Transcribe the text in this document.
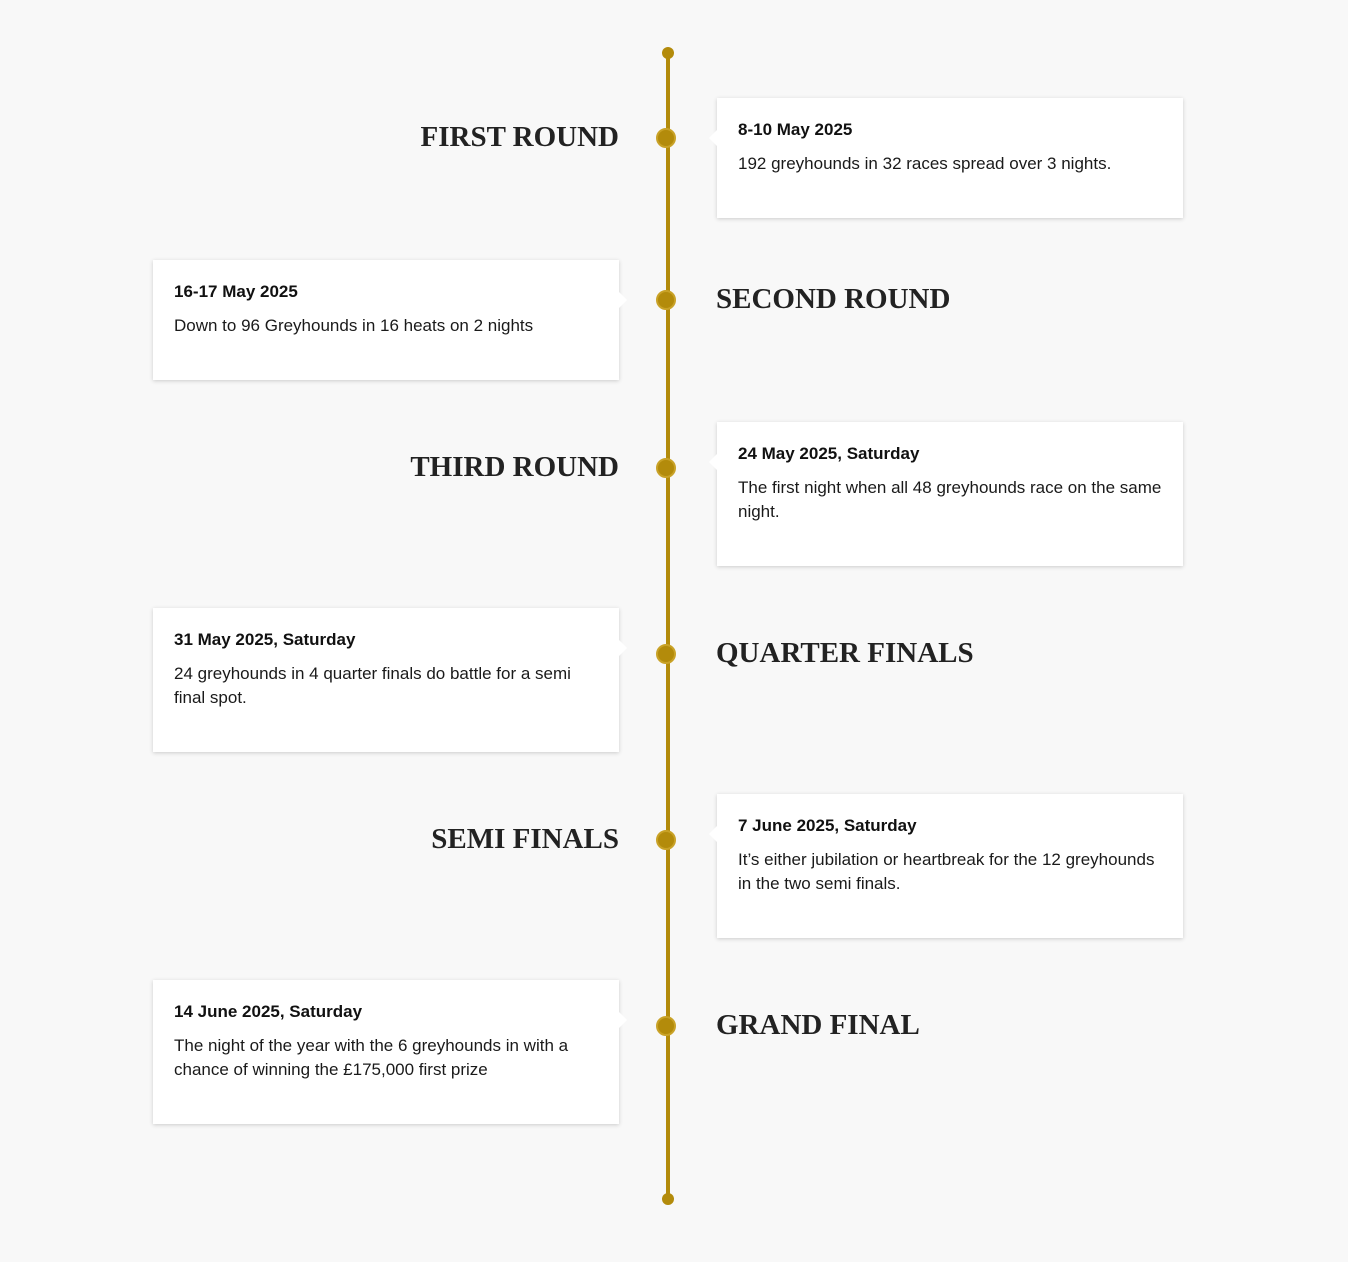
FIRST ROUND	8-10 May 2025

192 greyhounds in 32 races spread over 3 nights.

16-17 May 2025

Down to 96 Greyhounds in 16 heats on 2 nights

SECOND ROUND
THIRD ROUND	24 May 2025, Saturday

The first night when all 48 greyhounds race on the same night.

31 May 2025, Saturday

24 greyhounds in 4 quarter finals do battle for a semi final spot.

QUARTER FINALS
SEMI FINALS	7 June 2025, Saturday

It’s either jubilation or heartbreak for the 12 greyhounds in the two semi finals.

14 June 2025, Saturday

The night of the year with the 6 greyhounds in with a chance of winning the £175,000 first prize

GRAND FINAL
